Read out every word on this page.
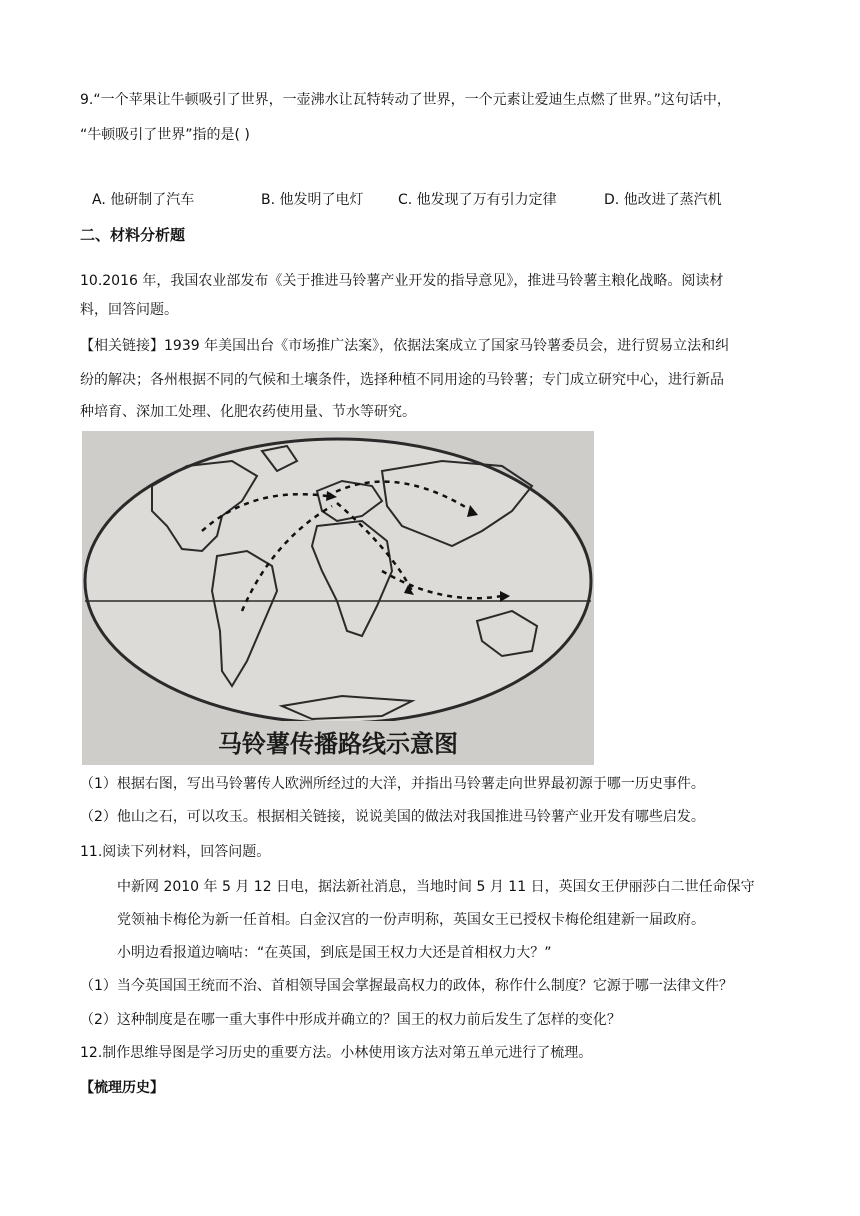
9.“一个苹果让牛顿吸引了世界，一壶沸水让瓦特转动了世界，一个元素让爱迪生点燃了世界。”这句话中，

“牛顿吸引了世界”指的是( )

A. 他研制了汽车	B. 他发明了电灯 C. 他发现了万有引力定律	D. 他改进了蒸汽机

二、材料分析题

10.2016 年，我国农业部发布《关于推进马铃薯产业开发的指导意见》，推进马铃薯主粮化战略。阅读材

料，回答问题。

【相关链接】1939 年美国出台《市场推广法案》，依据法案成立了国家马铃薯委员会，进行贸易立法和纠

纷的解决；各州根据不同的气候和土壤条件，选择种植不同用途的马铃薯；专门成立研究中心，进行新品

种培育、深加工处理、化肥农药使用量、节水等研究。

马铃薯传播路线示意图

（1）根据右图，写出马铃薯传人欧洲所经过的大洋，并指出马铃薯走向世界最初源于哪一历史事件。

（2）他山之石，可以攻玉。根据相关链接，说说美国的做法对我国推进马铃薯产业开发有哪些启发。

11.阅读下列材料，回答问题。

中新网 2010 年 5 月 12 日电，据法新社消息，当地时间 5 月 11 日，英国女王伊丽莎白二世任命保守

党领袖卡梅伦为新一任首相。白金汉宫的一份声明称，英国女王已授权卡梅伦组建新一届政府。

小明边看报道边嘀咕：“在英国，到底是国王权力大还是首相权力大？”

（1）当今英国国王统而不治、首相领导国会掌握最高权力的政体，称作什么制度？它源于哪一法律文件？

（2）这种制度是在哪一重大事件中形成并确立的？国王的权力前后发生了怎样的变化？

12.制作思维导图是学习历史的重要方法。小林使用该方法对第五单元进行了梳理。

【梳理历史】
